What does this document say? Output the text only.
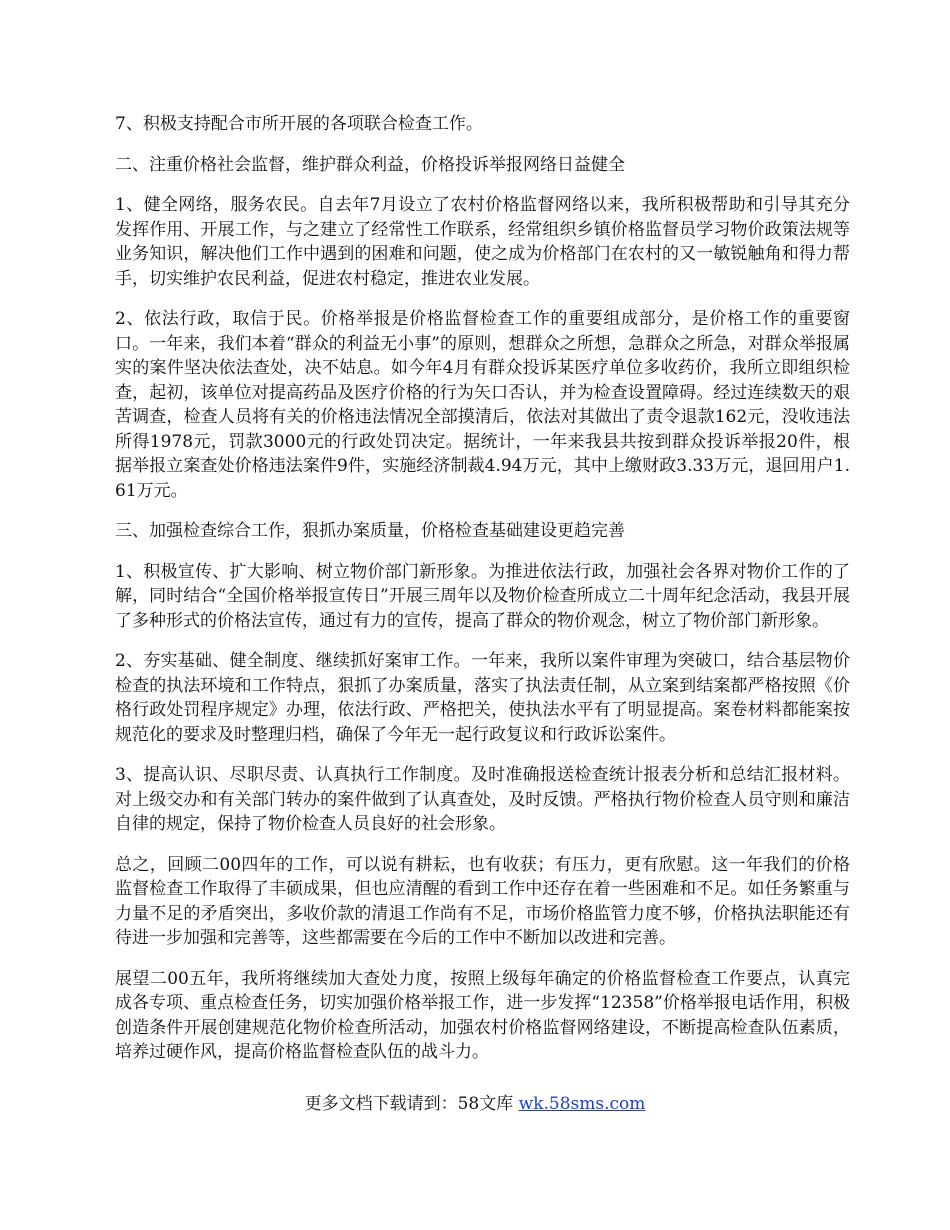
7、积极支持配合市所开展的各项联合检查工作。

二、注重价格社会监督，维护群众利益，价格投诉举报网络日益健全

1、健全网络，服务农民。自去年7月设立了农村价格监督网络以来，我所积极帮助和引导其充分发挥作用、开展工作，与之建立了经常性工作联系，经常组织乡镇价格监督员学习物价政策法规等业务知识，解决他们工作中遇到的困难和问题，使之成为价格部门在农村的又一敏锐触角和得力帮手，切实维护农民利益，促进农村稳定，推进农业发展。

2、依法行政，取信于民。价格举报是价格监督检查工作的重要组成部分，是价格工作的重要窗口。一年来，我们本着“群众的利益无小事”的原则，想群众之所想，急群众之所急，对群众举报属实的案件坚决依法查处，决不姑息。如今年4月有群众投诉某医疗单位多收药价，我所立即组织检查，起初，该单位对提高药品及医疗价格的行为矢口否认，并为检查设置障碍。经过连续数天的艰苦调查，检查人员将有关的价格违法情况全部摸清后，依法对其做出了责令退款162元，没收违法所得1978元，罚款3000元的行政处罚决定。据统计，一年来我县共按到群众投诉举报20件，根据举报立案查处价格违法案件9件，实施经济制裁4.94万元，其中上缴财政3.33万元，退回用户1.61万元。

三、加强检查综合工作，狠抓办案质量，价格检查基础建设更趋完善

1、积极宣传、扩大影响、树立物价部门新形象。为推进依法行政，加强社会各界对物价工作的了解，同时结合“全国价格举报宣传日”开展三周年以及物价检查所成立二十周年纪念活动，我县开展了多种形式的价格法宣传，通过有力的宣传，提高了群众的物价观念，树立了物价部门新形象。

2、夯实基础、健全制度、继续抓好案审工作。一年来，我所以案件审理为突破口，结合基层物价检查的执法环境和工作特点，狠抓了办案质量，落实了执法责任制，从立案到结案都严格按照《价格行政处罚程序规定》办理，依法行政、严格把关，使执法水平有了明显提高。案卷材料都能案按规范化的要求及时整理归档，确保了今年无一起行政复议和行政诉讼案件。

3、提高认识、尽职尽责、认真执行工作制度。及时准确报送检查统计报表分析和总结汇报材料。对上级交办和有关部门转办的案件做到了认真查处，及时反馈。严格执行物价检查人员守则和廉洁自律的规定，保持了物价检查人员良好的社会形象。

总之，回顾二00四年的工作，可以说有耕耘，也有收获；有压力，更有欣慰。这一年我们的价格监督检查工作取得了丰硕成果，但也应清醒的看到工作中还存在着一些困难和不足。如任务繁重与力量不足的矛盾突出，多收价款的清退工作尚有不足，市场价格监管力度不够，价格执法职能还有待进一步加强和完善等，这些都需要在今后的工作中不断加以改进和完善。

展望二00五年，我所将继续加大查处力度，按照上级每年确定的价格监督检查工作要点，认真完成各专项、重点检查任务，切实加强价格举报工作，进一步发挥“12358”价格举报电话作用，积极创造条件开展创建规范化物价检查所活动，加强农村价格监督网络建设，不断提高检查队伍素质，培养过硬作风，提高价格监督检查队伍的战斗力。

更多文档下载请到：58文库 wk.58sms.com
